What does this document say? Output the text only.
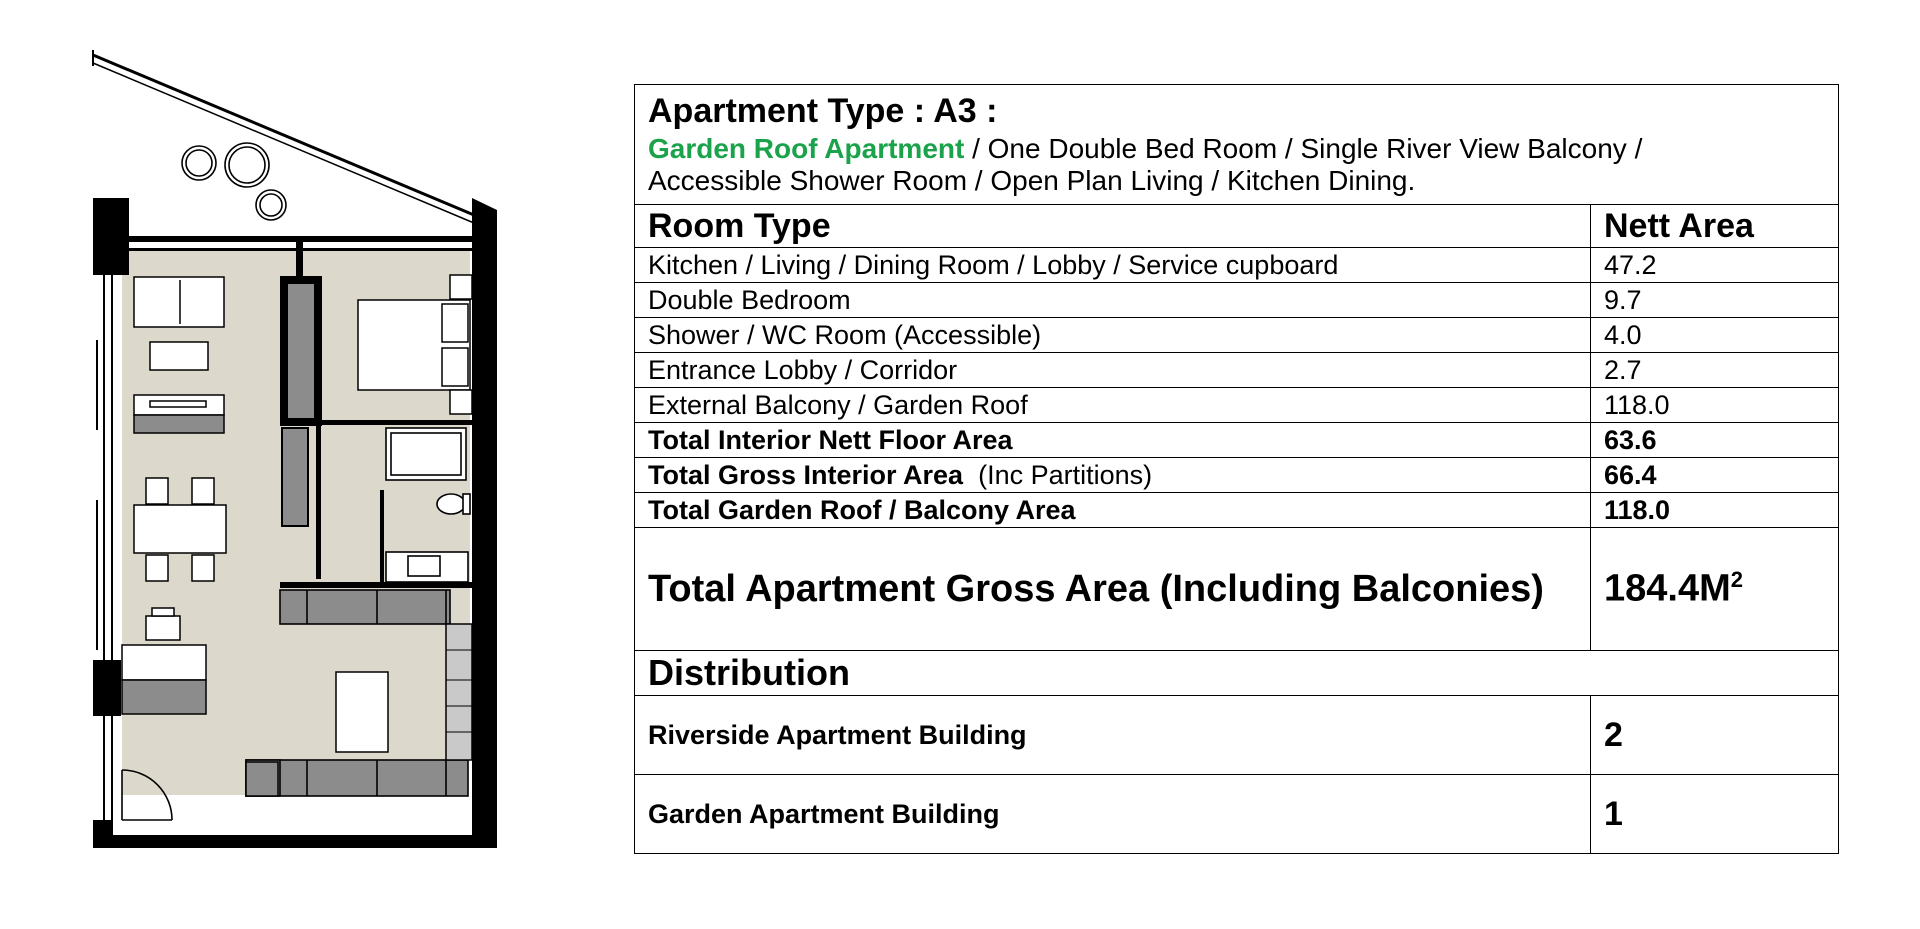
Apartment Type : A3 :
Garden Roof Apartment / One Double Bed Room / Single River View Balcony /
Accessible Shower Room / Open Plan Living / Kitchen Dining.	

Room Type	Nett Area
Kitchen / Living / Dining Room / Lobby / Service cupboard	47.2
Double Bedroom	9.7
Shower / WC Room (Accessible)	4.0
Entrance Lobby / Corridor	2.7
External Balcony / Garden Roof	118.0
Total Interior Nett Floor Area	63.6
Total Gross Interior Area (Inc Partitions)	66.4
Total Garden Roof / Balcony Area	118.0
Total Apartment Gross Area (Including Balconies)	$184.4M^2$
Distribution	
Riverside Apartment Building	2
Garden Apartment Building	1
